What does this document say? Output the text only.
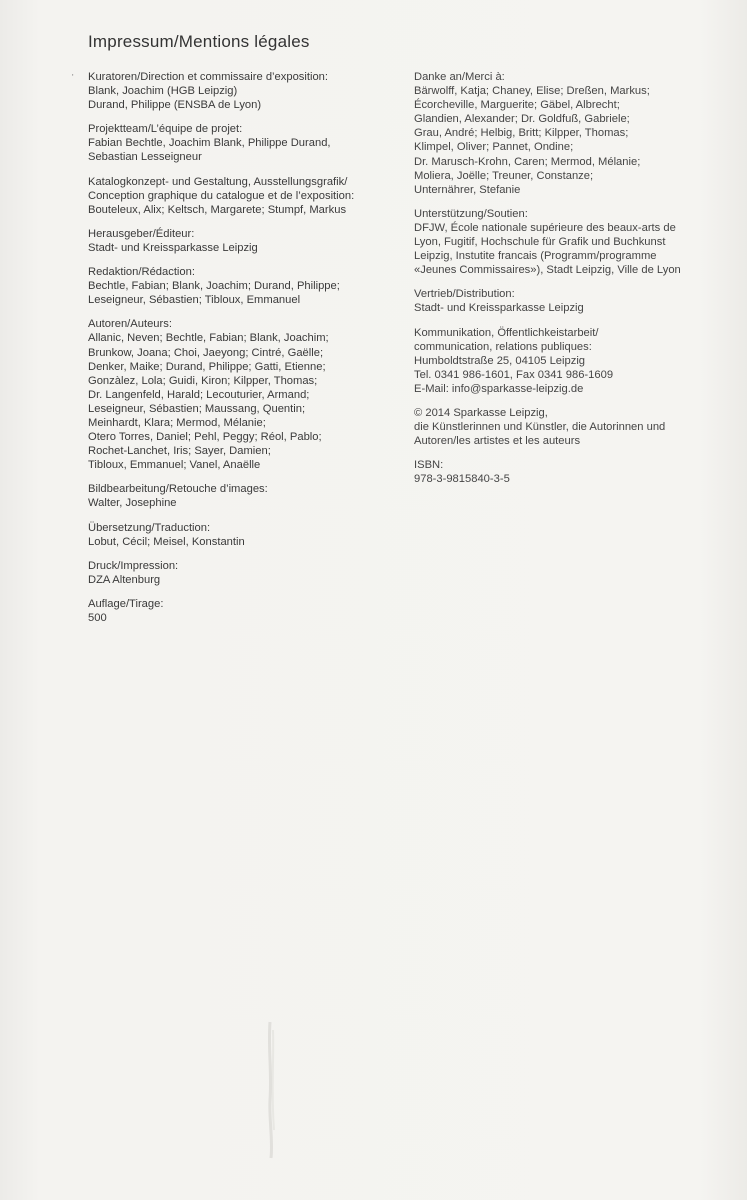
Impressum/Mentions légales
' Kuratoren/Direction et commissaire d’exposition:
Blank, Joachim (HGB Leipzig)
Durand, Philippe (ENSBA de Lyon)
Projektteam/L’équipe de projet:
Fabian Bechtle, Joachim Blank, Philippe Durand,
Sebastian Lesseigneur
Katalogkonzept- und Gestaltung, Ausstellungsgrafik/
Conception graphique du catalogue et de l’exposition:
Bouteleux, Alix; Keltsch, Margarete; Stumpf, Markus
Herausgeber/Éditeur:
Stadt- und Kreissparkasse Leipzig
Redaktion/Rédaction:
Bechtle, Fabian; Blank, Joachim; Durand, Philippe;
Leseigneur, Sébastien; Tibloux, Emmanuel
Autoren/Auteurs:
Allanic, Neven; Bechtle, Fabian; Blank, Joachim;
Brunkow, Joana; Choi, Jaeyong; Cintré, Gaëlle;
Denker, Maike; Durand, Philippe; Gatti, Etienne;
Gonzàlez, Lola; Guidi, Kiron; Kilpper, Thomas;
Dr. Langenfeld, Harald; Lecouturier, Armand;
Leseigneur, Sébastien; Maussang, Quentin;
Meinhardt, Klara; Mermod, Mélanie;
Otero Torres, Daniel; Pehl, Peggy; Réol, Pablo;
Rochet-Lanchet, Iris; Sayer, Damien;
Tibloux, Emmanuel; Vanel, Anaëlle
Bildbearbeitung/Retouche d’images:
Walter, Josephine
Übersetzung/Traduction:
Lobut, Cécil; Meisel, Konstantin
Druck/Impression:
DZA Altenburg
Auflage/Tirage:
500
Danke an/Merci à:
Bärwolff, Katja; Chaney, Elise; Dreßen, Markus;
Écorcheville, Marguerite; Gäbel, Albrecht;
Glandien, Alexander; Dr. Goldfuß, Gabriele;
Grau, André; Helbig, Britt; Kilpper, Thomas;
Klimpel, Oliver; Pannet, Ondine;
Dr. Marusch-Krohn, Caren; Mermod, Mélanie;
Moliera, Joëlle; Treuner, Constanze;
Unternährer, Stefanie
Unterstützung/Soutien:
DFJW, École nationale supérieure des beaux-arts de
Lyon, Fugitif, Hochschule für Grafik und Buchkunst
Leipzig, Instutite francais (Programm/programme
«Jeunes Commissaires»), Stadt Leipzig, Ville de Lyon
Vertrieb/Distribution:
Stadt- und Kreissparkasse Leipzig
Kommunikation, Öffentlichkeistarbeit/
communication, relations publiques:
Humboldtstraße 25, 04105 Leipzig
Tel. 0341 986-1601, Fax 0341 986-1609
E-Mail: info@sparkasse-leipzig.de
© 2014 Sparkasse Leipzig,
die Künstlerinnen und Künstler, die Autorinnen und
Autoren/les artistes et les auteurs
ISBN:
978-3-9815840-3-5
